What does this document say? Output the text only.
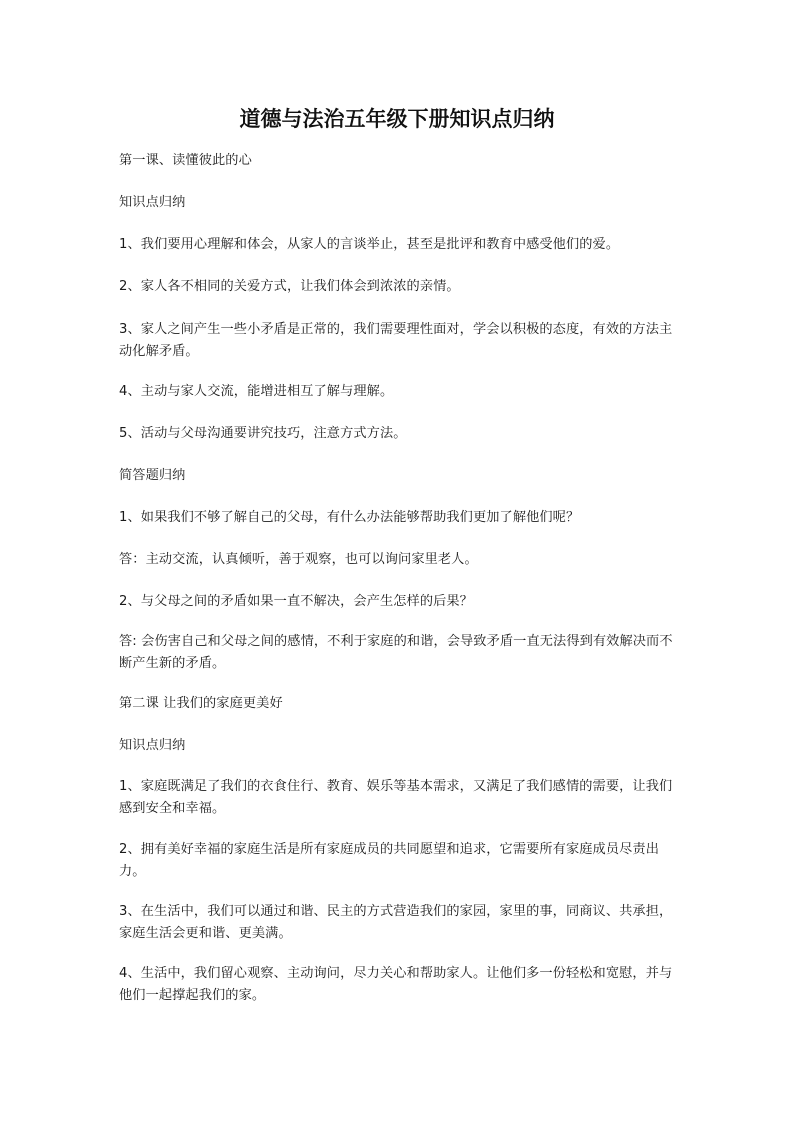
道德与法治五年级下册知识点归纳

第一课、读懂彼此的心

知识点归纳

1、我们要用心理解和体会，从家人的言谈举止，甚至是批评和教育中感受他们的爱。

2、家人各不相同的关爱方式，让我们体会到浓浓的亲情。

3、家人之间产生一些小矛盾是正常的，我们需要理性面对，学会以积极的态度，有效的方法主动化解矛盾。

4、主动与家人交流，能增进相互了解与理解。

5、活动与父母沟通要讲究技巧，注意方式方法。

简答题归纳

1、如果我们不够了解自己的父母，有什么办法能够帮助我们更加了解他们呢？

答：主动交流，认真倾听，善于观察，也可以询问家里老人。

2、与父母之间的矛盾如果一直不解决，会产生怎样的后果？

答: 会伤害自己和父母之间的感情，不利于家庭的和谐，会导致矛盾一直无法得到有效解决而不断产生新的矛盾。

第二课 让我们的家庭更美好

知识点归纳

1、家庭既满足了我们的衣食住行、教育、娱乐等基本需求，又满足了我们感情的需要，让我们感到安全和幸福。

2、拥有美好幸福的家庭生活是所有家庭成员的共同愿望和追求，它需要所有家庭成员尽责出力。

3、在生活中，我们可以通过和谐、民主的方式营造我们的家园，家里的事，同商议、共承担，家庭生活会更和谐、更美满。

4、生活中，我们留心观察、主动询问，尽力关心和帮助家人。让他们多一份轻松和宽慰，并与他们一起撑起我们的家。
